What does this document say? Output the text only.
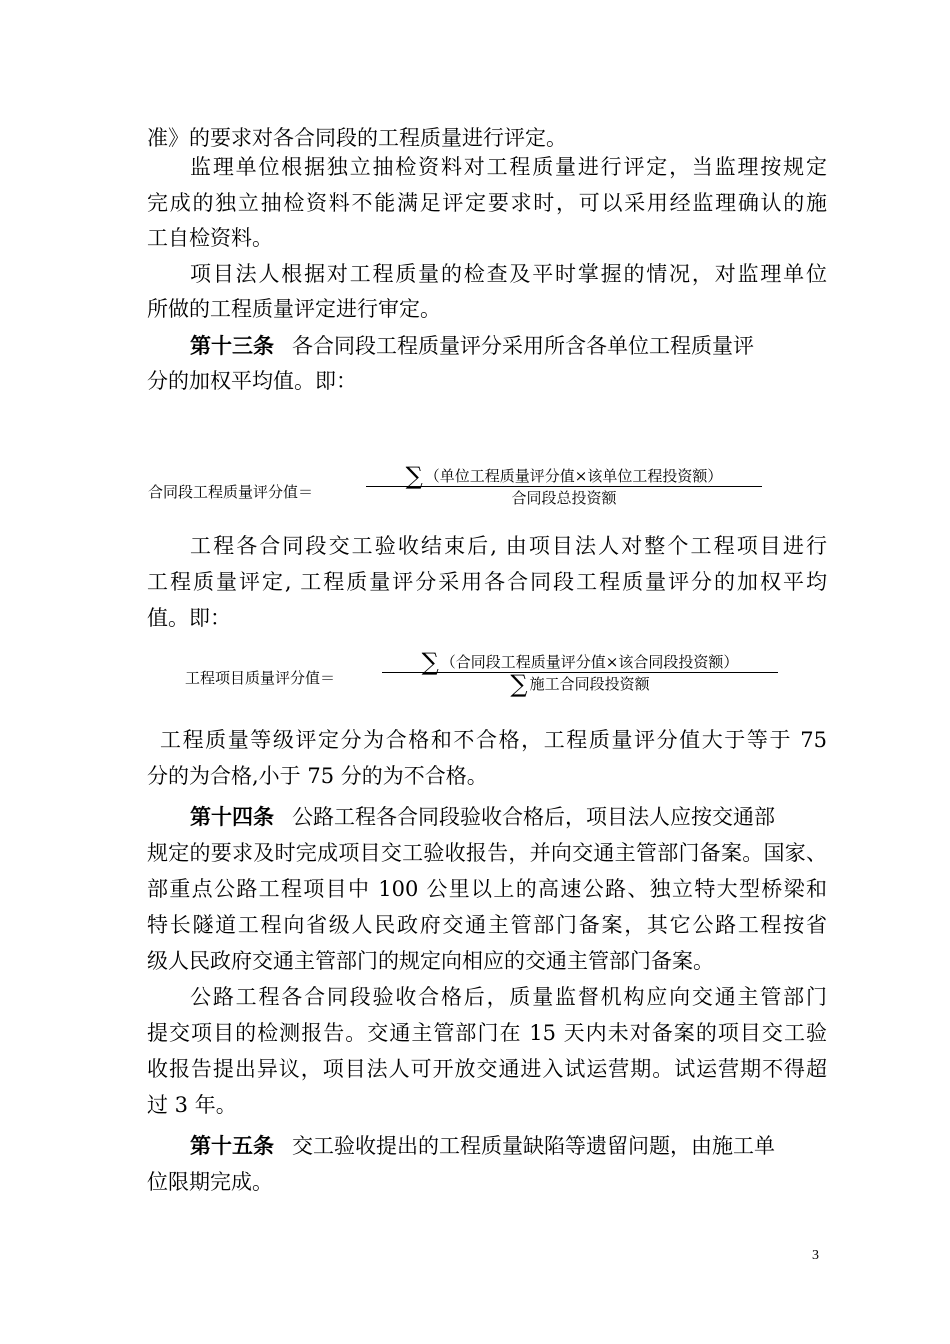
准》的要求对各合同段的工程质量进行评定。
监理单位根据独立抽检资料对工程质量进行评定，当监理按规定
完成的独立抽检资料不能满足评定要求时，可以采用经监理确认的施
工自检资料。
项目法人根据对工程质量的检查及平时掌握的情况，对监理单位
所做的工程质量评定进行审定。
第十三条 各合同段工程质量评分采用所含各单位工程质量评
分的加权平均值。即：
合同段工程质量评分值＝
∑ （单位工程质量评分值×该单位工程投资额）
合同段总投资额
工程各合同段交工验收结束后, 由项目法人对整个工程项目进行
工程质量评定, 工程质量评分采用各合同段工程质量评分的加权平均
值。即：
工程项目质量评分值＝
∑ （合同段工程质量评分值×该合同段投资额）
∑ 施工合同段投资额
工程质量等级评定分为合格和不合格，工程质量评分值大于等于 75
分的为合格,小于 75 分的为不合格。
第十四条 公路工程各合同段验收合格后，项目法人应按交通部
规定的要求及时完成项目交工验收报告，并向交通主管部门备案。国家、
部重点公路工程项目中 100 公里以上的高速公路、独立特大型桥梁和
特长隧道工程向省级人民政府交通主管部门备案，其它公路工程按省
级人民政府交通主管部门的规定向相应的交通主管部门备案。
公路工程各合同段验收合格后，质量监督机构应向交通主管部门
提交项目的检测报告。交通主管部门在 15 天内未对备案的项目交工验
收报告提出异议，项目法人可开放交通进入试运营期。试运营期不得超
过 3 年。
第十五条 交工验收提出的工程质量缺陷等遗留问题，由施工单
位限期完成。
3
